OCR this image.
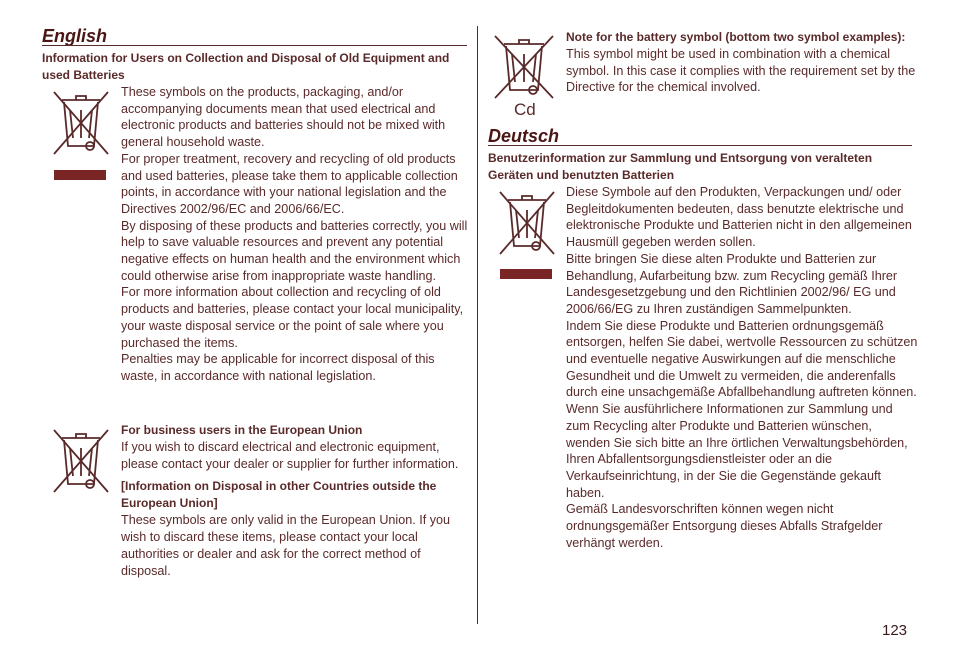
English
Information for Users on Collection and Disposal of Old Equipment and used Batteries

These symbols on the products, packaging, and/or accompanying documents mean that used electrical and electronic products and batteries should not be mixed with general household waste.

For proper treatment, recovery and recycling of old products and used batteries, please take them to applicable collection points, in accordance with your national legislation and the Directives 2002/96/EC and 2006/66/EC.

By disposing of these products and batteries correctly, you will help to save valuable resources and prevent any potential negative effects on human health and the environment which could otherwise arise from inappropriate waste handling.

For more information about collection and recycling of old products and batteries, please contact your local municipality, your waste disposal service or the point of sale where you purchased the items.

Penalties may be applicable for incorrect disposal of this waste, in accordance with national legislation.

For business users in the European Union
If you wish to discard electrical and electronic equipment, please contact your dealer or supplier for further information.
[Information on Disposal in other Countries outside the European Union]
These symbols are only valid in the European Union. If you wish to discard these items, please contact your local authorities or dealer and ask for the correct method of disposal.
Cd
Note for the battery symbol (bottom two symbol examples):
This symbol might be used in combination with a chemical symbol. In this case it complies with the requirement set by the Directive for the chemical involved.
Deutsch
Benutzerinformation zur Sammlung und Entsorgung von veralteten Geräten und benutzten Batterien

Diese Symbole auf den Produkten, Verpackungen und/ oder Begleitdokumenten bedeuten, dass benutzte elektrische und elektronische Produkte und Batterien nicht in den allgemeinen Hausmüll gegeben werden sollen.

Bitte bringen Sie diese alten Produkte und Batterien zur Behandlung, Aufarbeitung bzw. zum Recycling gemäß Ihrer Landesgesetzgebung und den Richtlinien 2002/96/ EG und 2006/66/EG zu Ihren zuständigen Sammelpunkten.

Indem Sie diese Produkte und Batterien ordnungsgemäß entsorgen, helfen Sie dabei, wertvolle Ressourcen zu schützen und eventuelle negative Auswirkungen auf die menschliche Gesundheit und die Umwelt zu vermeiden, die anderenfalls durch eine unsachgemäße Abfallbehandlung auftreten können.

Wenn Sie ausführlichere Informationen zur Sammlung und zum Recycling alter Produkte und Batterien wünschen, wenden Sie sich bitte an Ihre örtlichen Verwaltungsbehörden, Ihren Abfallentsorgungsdienstleister oder an die Verkaufseinrichtung, in der Sie die Gegenstände gekauft haben.

Gemäß Landesvorschriften können wegen nicht ordnungsgemäßer Entsorgung dieses Abfalls Strafgelder verhängt werden.

123
